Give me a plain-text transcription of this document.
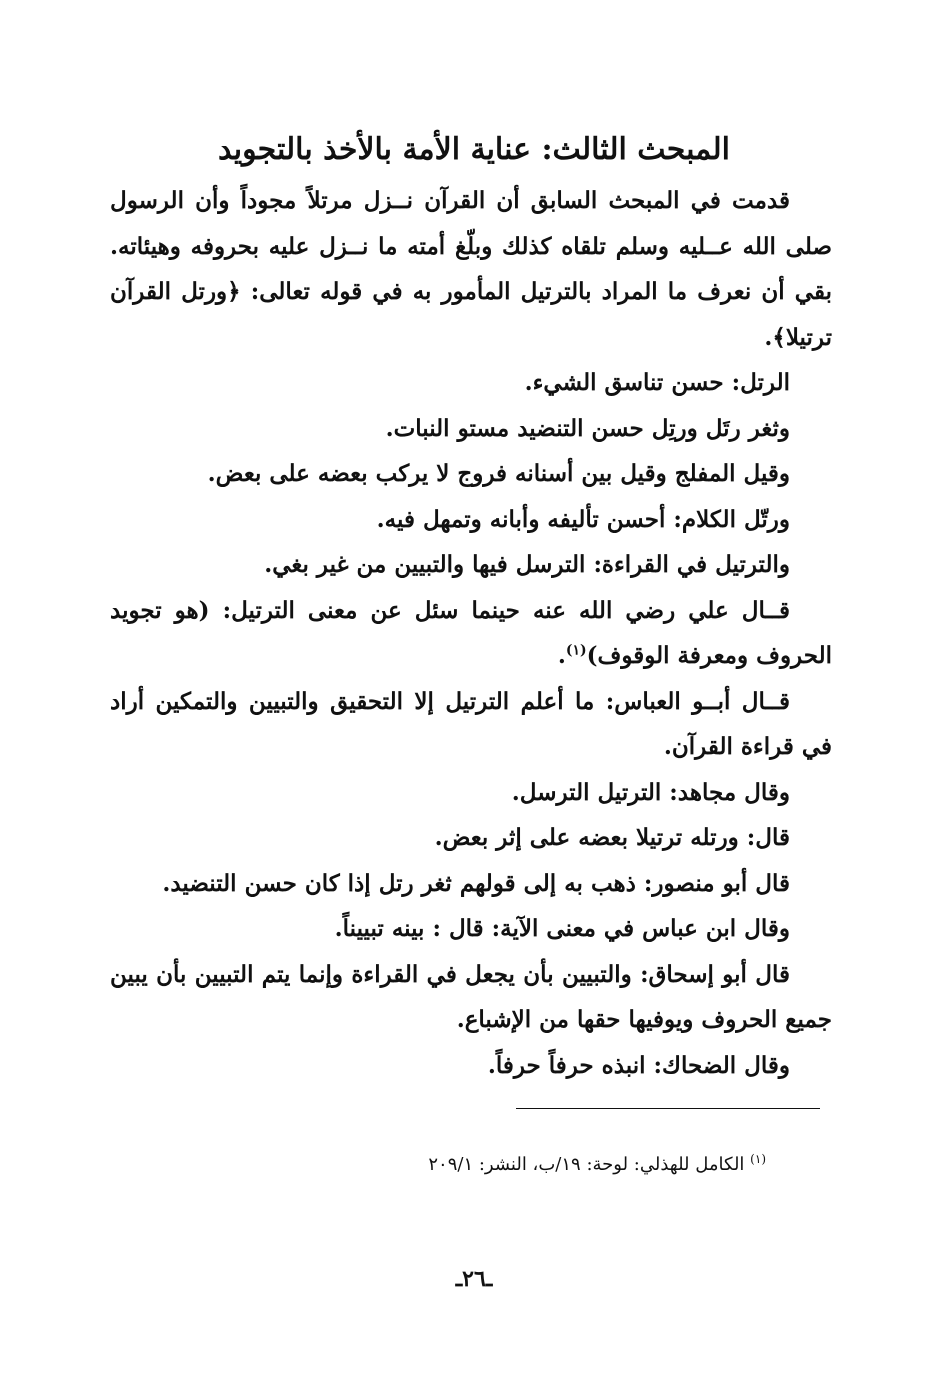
المبحث الثالث: عناية الأمة بالأخذ بالتجويد

قدمت في المبحث السابق أن القرآن نــزل مرتلاً مجوداً وأن الرسول صلى الله عــليه وسلم تلقاه كذلك وبلّغ أمته ما نــزل عليه بحروفه وهيئاته. بقي أن نعرف ما المراد بالترتيل المأمور به في قوله تعالى: ﴿ورتل القرآن ترتيلا﴾.

الرتل: حسن تناسق الشيء.

وثغر رتَل ورتِل حسن التنضيد مستو النبات.

وقيل المفلج وقيل بين أسنانه فروج لا يركب بعضه على بعض.

ورتّل الكلام: أحسن تأليفه وأبانه وتمهل فيه.

والترتيل في القراءة: الترسل فيها والتبيين من غير بغي.

قــال علي رضي الله عنه حينما سئل عن معنى الترتيل: (هو تجويد الحروف ومعرفة الوقوف)$^{(١)}$.

قــال أبــو العباس: ما أعلم الترتيل إلا التحقيق والتبيين والتمكين أراد في قراءة القرآن.

وقال مجاهد: الترتيل الترسل.

قال: ورتله ترتيلا بعضه على إثر بعض.

قال أبو منصور: ذهب به إلى قولهم ثغر رتل إذا كان حسن التنضيد.

وقال ابن عباس في معنى الآية: قال : بينه تبييناً.

قال أبو إسحاق: والتبيين بأن يجعل في القراءة وإنما يتم التبيين بأن يبين جميع الحروف ويوفيها حقها من الإشباع.

وقال الضحاك: انبذه حرفاً حرفاً.

$^{(١)}$ الكامل للهذلي: لوحة: ١٩/ب، النشر: ٢٠٩/١
ـ٢٦ـ
